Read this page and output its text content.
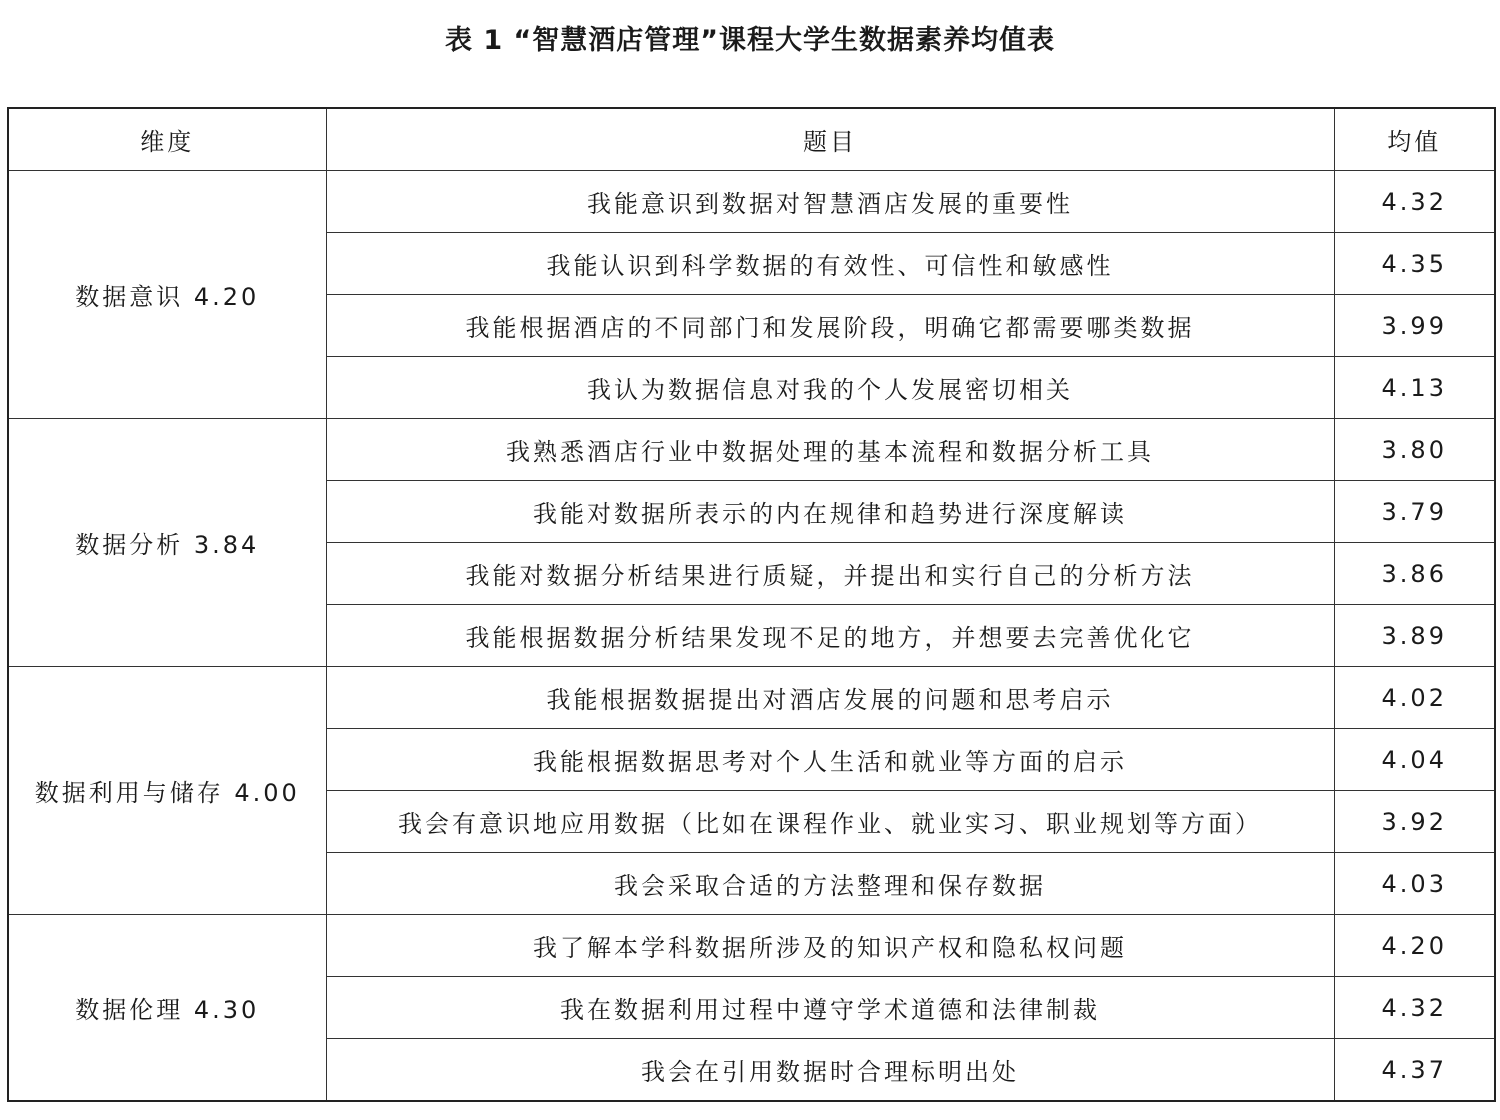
表 1 “智慧酒店管理”课程大学生数据素养均值表
维度	题目	均值
数据意识 4.20	我能意识到数据对智慧酒店发展的重要性	4.32
	我能认识到科学数据的有效性、可信性和敏感性	4.35
	我能根据酒店的不同部门和发展阶段，明确它都需要哪类数据	3.99
	我认为数据信息对我的个人发展密切相关	4.13
数据分析 3.84	我熟悉酒店行业中数据处理的基本流程和数据分析工具	3.80
	我能对数据所表示的内在规律和趋势进行深度解读	3.79
	我能对数据分析结果进行质疑，并提出和实行自己的分析方法	3.86
	我能根据数据分析结果发现不足的地方，并想要去完善优化它	3.89
数据利用与储存 4.00	我能根据数据提出对酒店发展的问题和思考启示	4.02
	我能根据数据思考对个人生活和就业等方面的启示	4.04
	我会有意识地应用数据（比如在课程作业、就业实习、职业规划等方面）	3.92
	我会采取合适的方法整理和保存数据	4.03
数据伦理 4.30	我了解本学科数据所涉及的知识产权和隐私权问题	4.20
	我在数据利用过程中遵守学术道德和法律制裁	4.32
	我会在引用数据时合理标明出处	4.37
